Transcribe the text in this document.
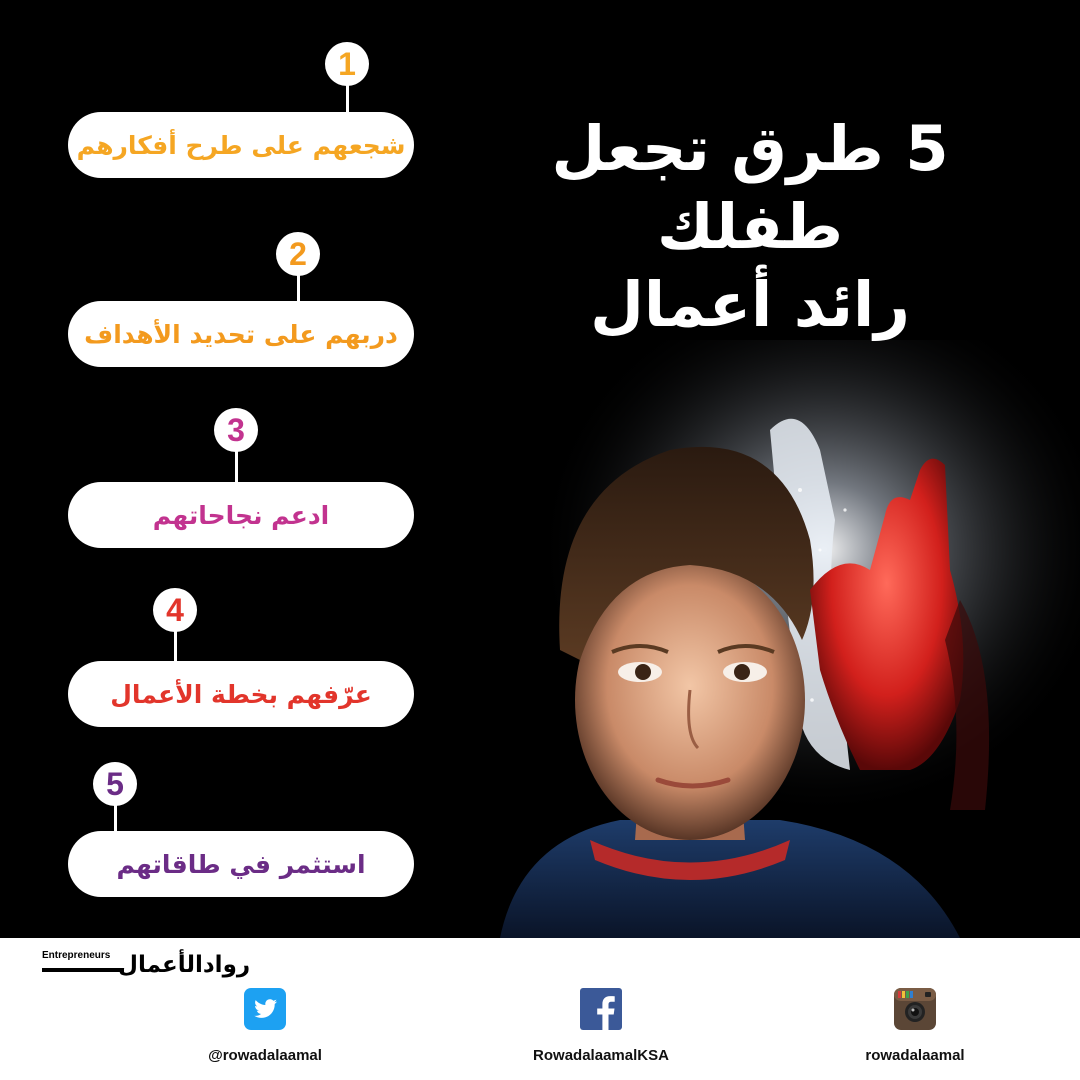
5 طرق تجعل طفلك
رائد أعمال
1
شجعهم على طرح أفكارهم
2
دربهم على تحديد الأهداف
3
ادعم نجاحاتهم
4
عرّفهم بخطة الأعمال
5
استثمر في طاقاتهم
Entrepreneurs روادالأعمال
@rowadalaamal	RowadalaamalKSA	rowadalaamal
